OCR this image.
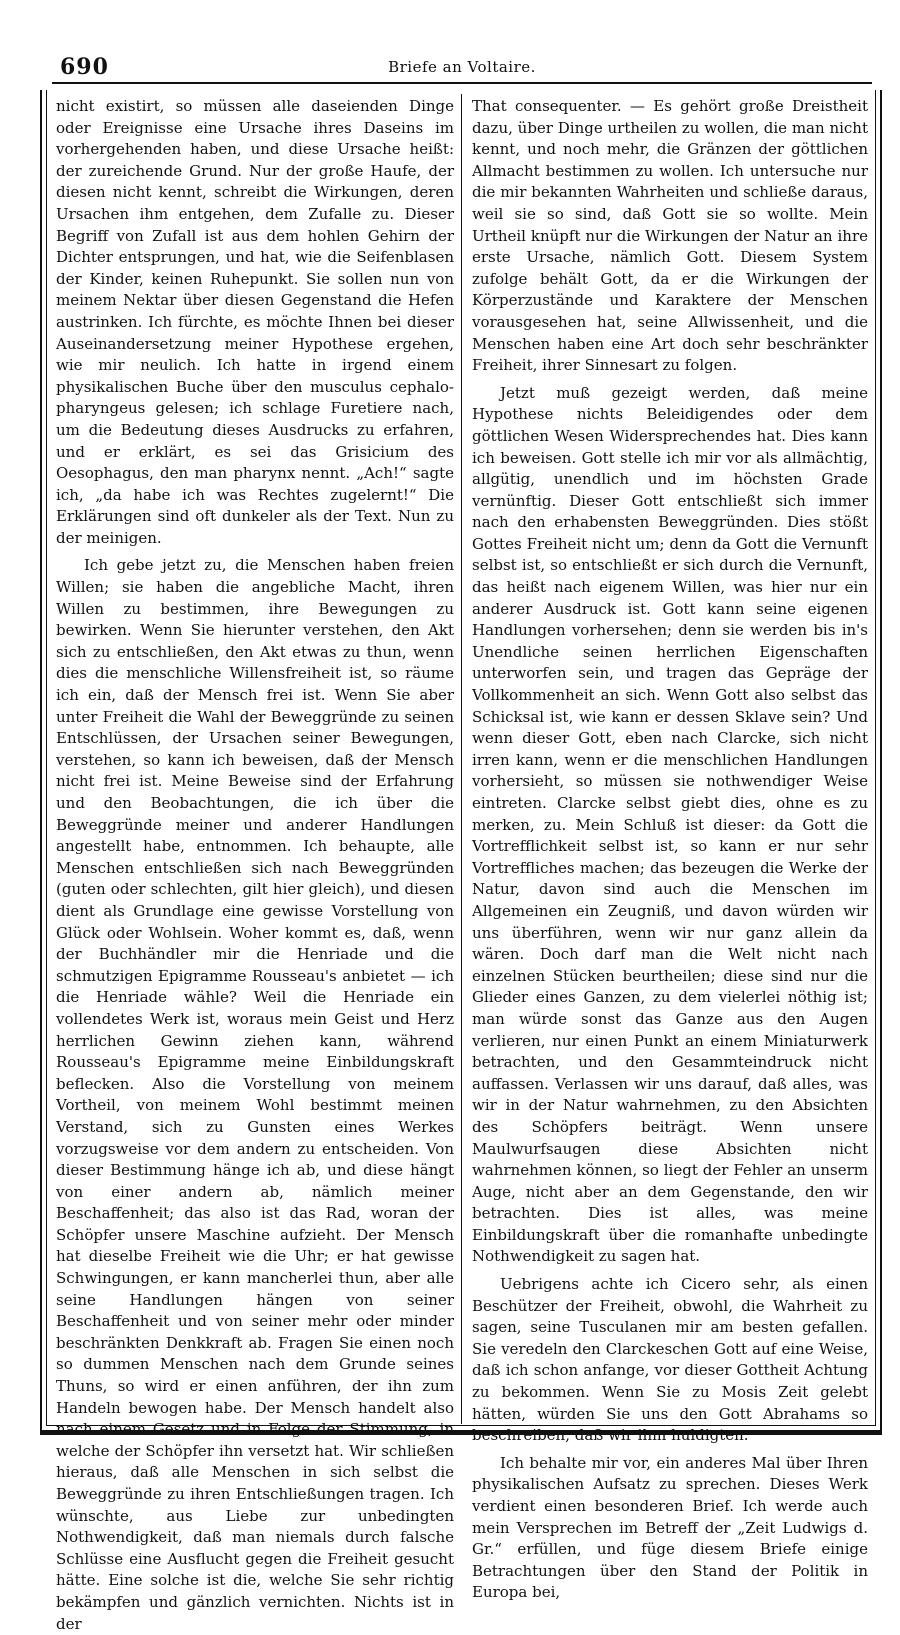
690	Briefe an Voltaire.

nicht existirt, so müssen alle daseienden Dinge oder Ereignisse eine Ursache ihres Daseins im vorhergehenden haben, und diese Ursache heißt: der zureichende Grund. Nur der große Haufe, der diesen nicht kennt, schreibt die Wirkungen, deren Ursachen ihm entgehen, dem Zufalle zu. Dieser Begriff von Zufall ist aus dem hohlen Gehirn der Dichter entsprungen, und hat, wie die Seifenblasen der Kinder, keinen Ruhepunkt. Sie sollen nun von meinem Nektar über diesen Gegenstand die Hefen austrinken. Ich fürchte, es möchte Ihnen bei dieser Auseinandersetzung meiner Hypothese ergehen, wie mir neulich. Ich hatte in irgend einem physikalischen Buche über den musculus cephalo-pharyngeus gelesen; ich schlage Furetiere nach, um die Bedeutung dieses Ausdrucks zu erfahren, und er erklärt, es sei das Grisicium des Oesophagus, den man pharynx nennt. „Ach!“ sagte ich, „da habe ich was Rechtes zugelernt!“ Die Erklärungen sind oft dunkeler als der Text. Nun zu der meinigen.

Ich gebe jetzt zu, die Menschen haben freien Willen; sie haben die angebliche Macht, ihren Willen zu bestimmen, ihre Bewegungen zu bewirken. Wenn Sie hierunter verstehen, den Akt sich zu entschließen, den Akt etwas zu thun, wenn dies die menschliche Willensfreiheit ist, so räume ich ein, daß der Mensch frei ist. Wenn Sie aber unter Freiheit die Wahl der Beweggründe zu seinen Entschlüssen, der Ursachen seiner Bewegungen, verstehen, so kann ich beweisen, daß der Mensch nicht frei ist. Meine Beweise sind der Erfahrung und den Beobachtungen, die ich über die Beweggründe meiner und anderer Handlungen angestellt habe, entnommen. Ich behaupte, alle Menschen entschließen sich nach Beweggründen (guten oder schlechten, gilt hier gleich), und diesen dient als Grundlage eine gewisse Vorstellung von Glück oder Wohlsein. Woher kommt es, daß, wenn der Buchhändler mir die Henriade und die schmutzigen Epigramme Rousseau's anbietet — ich die Henriade wähle? Weil die Henriade ein vollendetes Werk ist, woraus mein Geist und Herz herrlichen Gewinn ziehen kann, während Rousseau's Epigramme meine Einbildungskraft beflecken. Also die Vorstellung von meinem Vortheil, von meinem Wohl bestimmt meinen Verstand, sich zu Gunsten eines Werkes vorzugsweise vor dem andern zu entscheiden. Von dieser Bestimmung hänge ich ab, und diese hängt von einer andern ab, nämlich meiner Beschaffenheit; das also ist das Rad, woran der Schöpfer unsere Maschine aufzieht. Der Mensch hat dieselbe Freiheit wie die Uhr; er hat gewisse Schwingungen, er kann mancherlei thun, aber alle seine Handlungen hängen von seiner Beschaffenheit und von seiner mehr oder minder beschränkten Denkkraft ab. Fragen Sie einen noch so dummen Menschen nach dem Grunde seines Thuns, so wird er einen anführen, der ihn zum Handeln bewogen habe. Der Mensch handelt also nach einem Gesetz und in Folge der Stimmung, in welche der Schöpfer ihn versetzt hat. Wir schließen hieraus, daß alle Menschen in sich selbst die Beweggründe zu ihren Entschließungen tragen. Ich wünschte, aus Liebe zur unbedingten Nothwendigkeit, daß man niemals durch falsche Schlüsse eine Ausflucht gegen die Freiheit gesucht hätte. Eine solche ist die, welche Sie sehr richtig bekämpfen und gänzlich vernichten. Nichts ist in der

That consequenter. — Es gehört große Dreistheit dazu, über Dinge urtheilen zu wollen, die man nicht kennt, und noch mehr, die Gränzen der göttlichen Allmacht bestimmen zu wollen. Ich untersuche nur die mir bekannten Wahrheiten und schließe daraus, weil sie so sind, daß Gott sie so wollte. Mein Urtheil knüpft nur die Wirkungen der Natur an ihre erste Ursache, nämlich Gott. Diesem System zufolge behält Gott, da er die Wirkungen der Körperzustände und Karaktere der Menschen vorausgesehen hat, seine Allwissenheit, und die Menschen haben eine Art doch sehr beschränkter Freiheit, ihrer Sinnesart zu folgen.

Jetzt muß gezeigt werden, daß meine Hypothese nichts Beleidigendes oder dem göttlichen Wesen Widersprechendes hat. Dies kann ich beweisen. Gott stelle ich mir vor als allmächtig, allgütig, unendlich und im höchsten Grade vernünftig. Dieser Gott entschließt sich immer nach den erhabensten Beweggründen. Dies stößt Gottes Freiheit nicht um; denn da Gott die Vernunft selbst ist, so entschließt er sich durch die Vernunft, das heißt nach eigenem Willen, was hier nur ein anderer Ausdruck ist. Gott kann seine eigenen Handlungen vorhersehen; denn sie werden bis in's Unendliche seinen herrlichen Eigenschaften unterworfen sein, und tragen das Gepräge der Vollkommenheit an sich. Wenn Gott also selbst das Schicksal ist, wie kann er dessen Sklave sein? Und wenn dieser Gott, eben nach Clarcke, sich nicht irren kann, wenn er die menschlichen Handlungen vorhersieht, so müssen sie nothwendiger Weise eintreten. Clarcke selbst giebt dies, ohne es zu merken, zu. Mein Schluß ist dieser: da Gott die Vortrefflichkeit selbst ist, so kann er nur sehr Vortreffliches machen; das bezeugen die Werke der Natur, davon sind auch die Menschen im Allgemeinen ein Zeugniß, und davon würden wir uns überführen, wenn wir nur ganz allein da wären. Doch darf man die Welt nicht nach einzelnen Stücken beurtheilen; diese sind nur die Glieder eines Ganzen, zu dem vielerlei nöthig ist; man würde sonst das Ganze aus den Augen verlieren, nur einen Punkt an einem Miniaturwerk betrachten, und den Gesammteindruck nicht auffassen. Verlassen wir uns darauf, daß alles, was wir in der Natur wahrnehmen, zu den Absichten des Schöpfers beiträgt. Wenn unsere Maulwurfsaugen diese Absichten nicht wahrnehmen können, so liegt der Fehler an unserm Auge, nicht aber an dem Gegenstande, den wir betrachten. Dies ist alles, was meine Einbildungskraft über die romanhafte unbedingte Nothwendigkeit zu sagen hat.

Uebrigens achte ich Cicero sehr, als einen Beschützer der Freiheit, obwohl, die Wahrheit zu sagen, seine Tusculanen mir am besten gefallen. Sie veredeln den Clarckeschen Gott auf eine Weise, daß ich schon anfange, vor dieser Gottheit Achtung zu bekommen. Wenn Sie zu Mosis Zeit gelebt hätten, würden Sie uns den Gott Abrahams so beschreiben, daß wir ihm huldigten.

Ich behalte mir vor, ein anderes Mal über Ihren physikalischen Aufsatz zu sprechen. Dieses Werk verdient einen besonderen Brief. Ich werde auch mein Versprechen im Betreff der „Zeit Ludwigs d. Gr.“ erfüllen, und füge diesem Briefe einige Betrachtungen über den Stand der Politik in Europa bei,
